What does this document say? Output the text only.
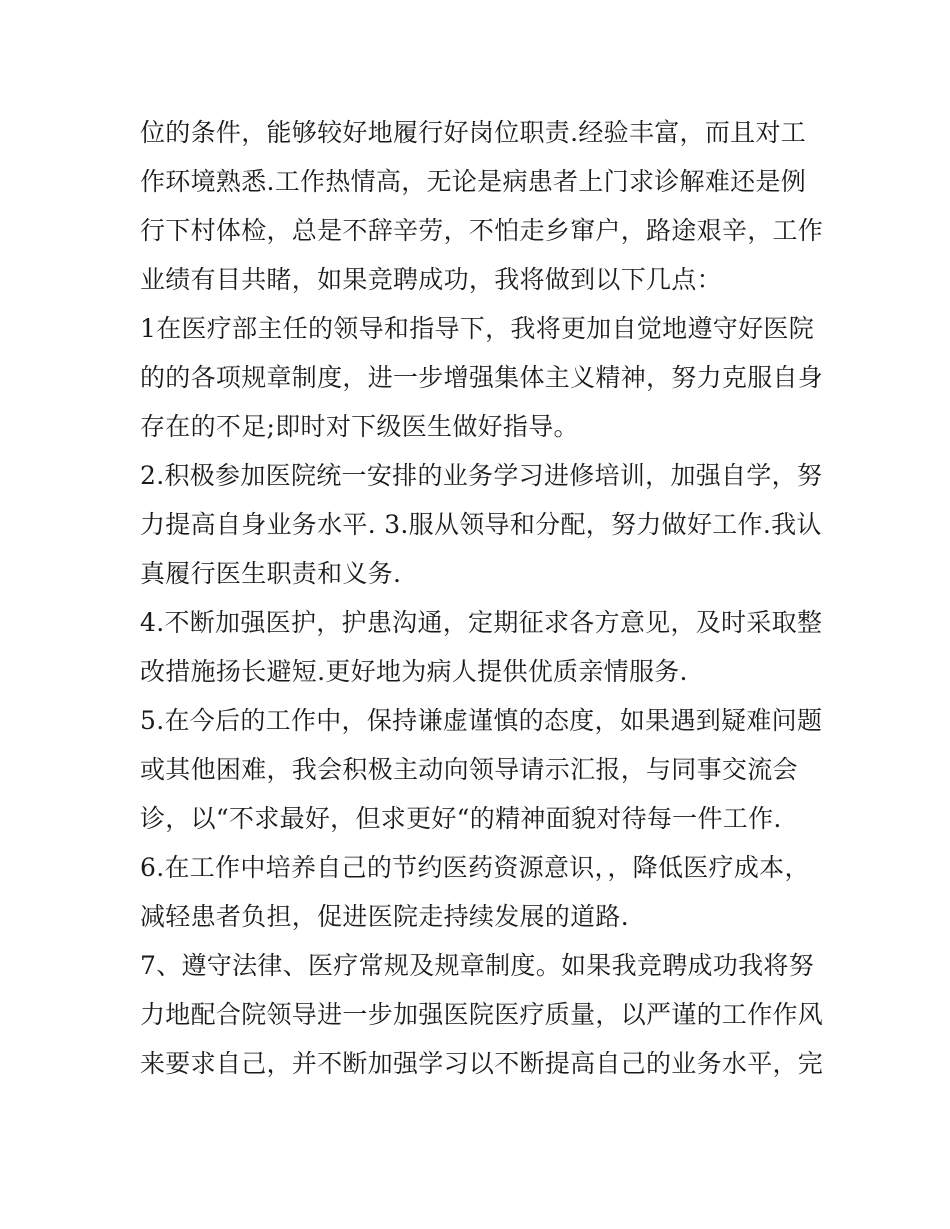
位的条件，能够较好地履行好岗位职责.经验丰富，而且对工
作环境熟悉.工作热情高，无论是病患者上门求诊解难还是例
行下村体检，总是不辞辛劳，不怕走乡窜户，路途艰辛，工作
业绩有目共睹，如果竞聘成功，我将做到以下几点：
1在医疗部主任的领导和指导下，我将更加自觉地遵守好医院
的的各项规章制度，进一步增强集体主义精神，努力克服自身
存在的不足;即时对下级医生做好指导。
2.积极参加医院统一安排的业务学习进修培训，加强自学，努
力提高自身业务水平. 3.服从领导和分配，努力做好工作.我认
真履行医生职责和义务.
4.不断加强医护，护患沟通，定期征求各方意见，及时采取整
改措施扬长避短.更好地为病人提供优质亲情服务.
5.在今后的工作中，保持谦虚谨慎的态度，如果遇到疑难问题
或其他困难，我会积极主动向领导请示汇报，与同事交流会
诊，以“不求最好，但求更好“的精神面貌对待每一件工作.
6.在工作中培养自己的节约医药资源意识，，降低医疗成本，
减轻患者负担，促进医院走持续发展的道路.
7、遵守法律、医疗常规及规章制度。如果我竞聘成功我将努
力地配合院领导进一步加强医院医疗质量，以严谨的工作作风
来要求自己，并不断加强学习以不断提高自己的业务水平，完
